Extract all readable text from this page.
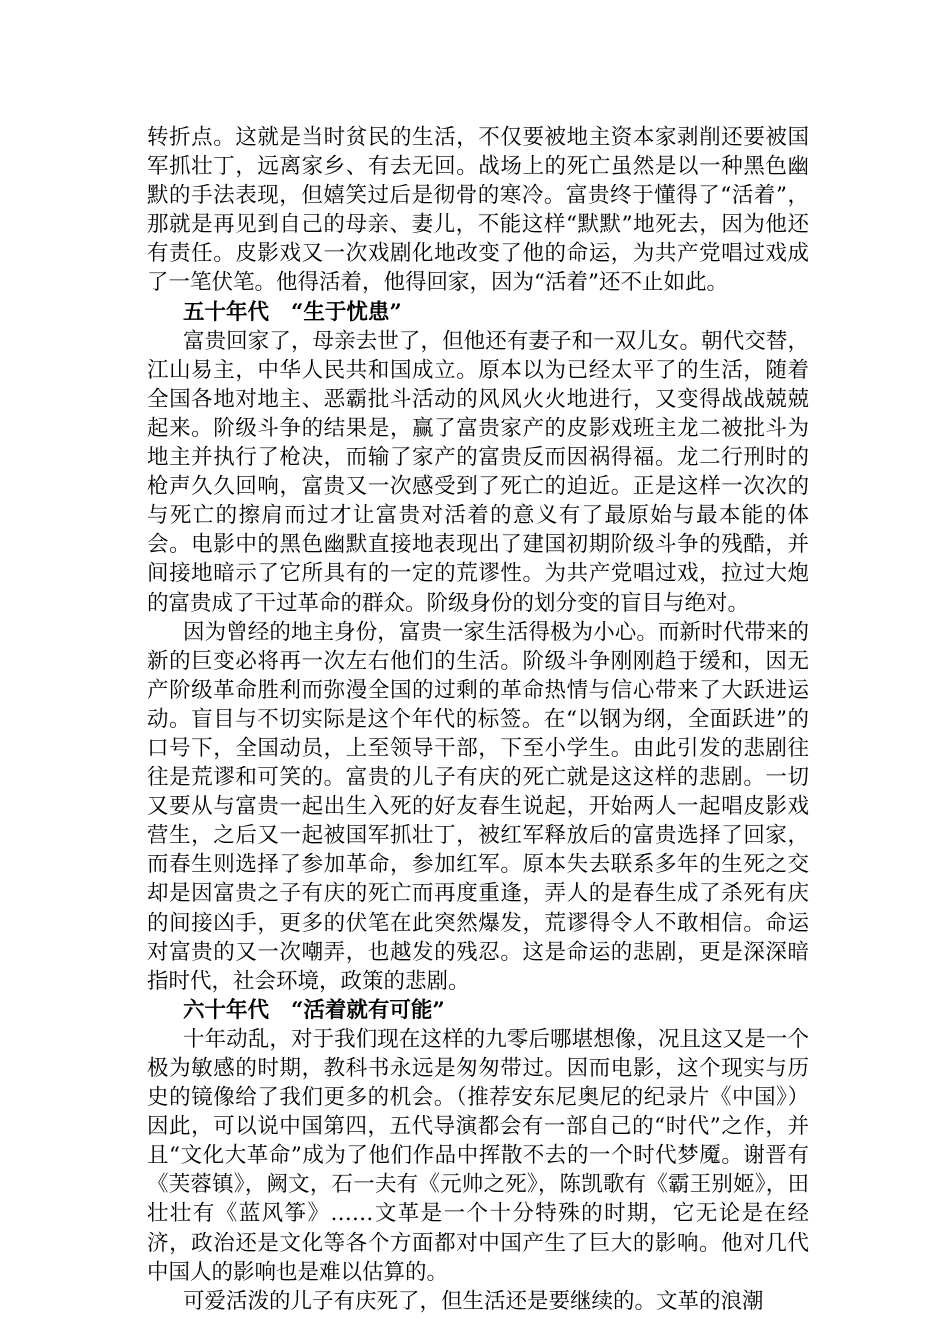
转折点。这就是当时贫民的生活，不仅要被地主资本家剥削还要被国军抓壮丁，远离家乡、有去无回。战场上的死亡虽然是以一种黑色幽默的手法表现，但嬉笑过后是彻骨的寒冷。富贵终于懂得了“活着”，那就是再见到自己的母亲、妻儿，不能这样“默默”地死去，因为他还有责任。皮影戏又一次戏剧化地改变了他的命运，为共产党唱过戏成了一笔伏笔。他得活着，他得回家，因为“活着”还不止如此。

五十年代 “生于忧患”

富贵回家了，母亲去世了，但他还有妻子和一双儿女。朝代交替，江山易主，中华人民共和国成立。原本以为已经太平了的生活，随着全国各地对地主、恶霸批斗活动的风风火火地进行，又变得战战兢兢起来。阶级斗争的结果是，赢了富贵家产的皮影戏班主龙二被批斗为地主并执行了枪决，而输了家产的富贵反而因祸得福。龙二行刑时的枪声久久回响，富贵又一次感受到了死亡的迫近。正是这样一次次的与死亡的擦肩而过才让富贵对活着的意义有了最原始与最本能的体会。电影中的黑色幽默直接地表现出了建国初期阶级斗争的残酷，并间接地暗示了它所具有的一定的荒谬性。为共产党唱过戏，拉过大炮的富贵成了干过革命的群众。阶级身份的划分变的盲目与绝对。

因为曾经的地主身份，富贵一家生活得极为小心。而新时代带来的新的巨变必将再一次左右他们的生活。阶级斗争刚刚趋于缓和，因无产阶级革命胜利而弥漫全国的过剩的革命热情与信心带来了大跃进运动。盲目与不切实际是这个年代的标签。在“以钢为纲，全面跃进”的口号下，全国动员，上至领导干部，下至小学生。由此引发的悲剧往往是荒谬和可笑的。富贵的儿子有庆的死亡就是这这样的悲剧。一切又要从与富贵一起出生入死的好友春生说起，开始两人一起唱皮影戏营生，之后又一起被国军抓壮丁，被红军释放后的富贵选择了回家，而春生则选择了参加革命，参加红军。原本失去联系多年的生死之交却是因富贵之子有庆的死亡而再度重逢，弄人的是春生成了杀死有庆的间接凶手，更多的伏笔在此突然爆发，荒谬得令人不敢相信。命运对富贵的又一次嘲弄，也越发的残忍。这是命运的悲剧，更是深深暗指时代，社会环境，政策的悲剧。

六十年代 “活着就有可能”

十年动乱，对于我们现在这样的九零后哪堪想像，况且这又是一个极为敏感的时期，教科书永远是匆匆带过。因而电影，这个现实与历史的镜像给了我们更多的机会。（推荐安东尼奥尼的纪录片《中国》）因此，可以说中国第四，五代导演都会有一部自己的“时代”之作，并且“文化大革命”成为了他们作品中挥散不去的一个时代梦魇。谢晋有《芙蓉镇》，阙文，石一夫有《元帅之死》，陈凯歌有《霸王别姬》，田壮壮有《蓝风筝》……文革是一个十分特殊的时期，它无论是在经济，政治还是文化等各个方面都对中国产生了巨大的影响。他对几代中国人的影响也是难以估算的。

可爱活泼的儿子有庆死了，但生活还是要继续的。文革的浪潮
